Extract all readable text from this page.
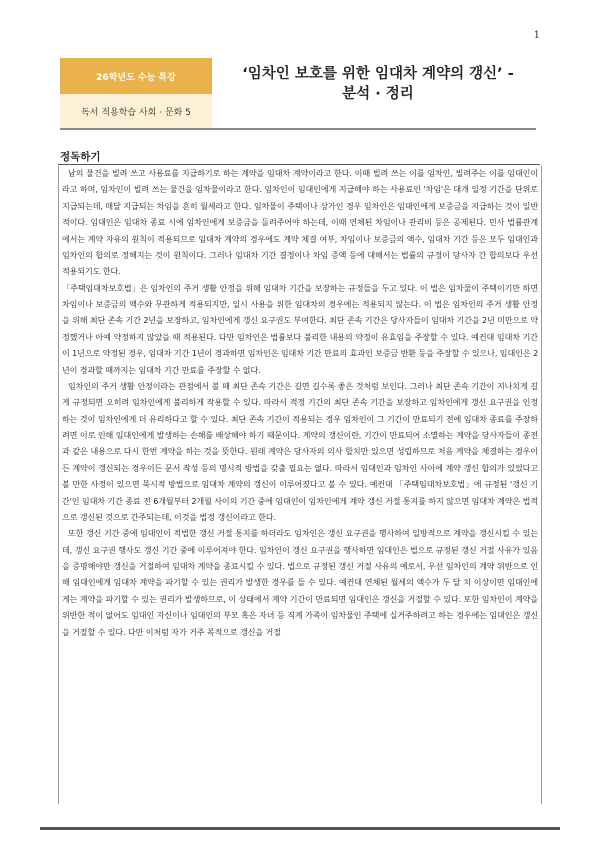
1
26학년도 수능 특강
독서 적용학습 사회 · 문화 5
‘임차인 보호를 위한 임대차 계약의 갱신’ -
분석 · 정리
정독하기

남의 물건을 빌려 쓰고 사용료를 지급하기로 하는 계약을 임대차 계약이라고 한다. 이때 빌려 쓰는 이를 임차인, 빌려주는 이를 임대인이라고 하며, 임차인이 빌려 쓰는 물건을 임차물이라고 한다. 임차인이 임대인에게 지급해야 하는 사용료인 '차임'은 대개 일정 기간을 단위로 지급되는데, 매달 지급되는 차임을 흔히 월세라고 한다. 임차물이 주택이나 상가인 경우 임차인은 임대인에게 보증금을 지급하는 것이 일반적이다. 임대인은 임대차 종료 시에 임차인에게 보증금을 돌려주어야 하는데, 이때 연체된 차임이나 관리비 등은 공제된다. 민사 법률관계에서는 계약 자유의 원칙이 적용되므로 임대차 계약의 경우에도 계약 체결 여부, 차임이나 보증금의 액수, 임대차 기간 등은 모두 임대인과 임차인의 합의로 정해지는 것이 원칙이다. 그러나 임대차 기간 결정이나 차임 증액 등에 대해서는 법률의 규정이 당사자 간 합의보다 우선 적용되기도 한다.

「주택임대차보호법」은 임차인의 주거 생활 안정을 위해 임대차 기간을 보장하는 규정들을 두고 있다. 이 법은 임차물이 주택이기만 하면 차임이나 보증금의 액수와 무관하게 적용되지만, 일시 사용을 위한 임대차의 경우에는 적용되지 않는다. 이 법은 임차인의 주거 생활 안정을 위해 최단 존속 기간 2년을 보장하고, 임차인에게 갱신 요구권도 부여한다. 최단 존속 기간은 당사자들이 임대차 기간을 2년 미만으로 약정했거나 아예 약정하지 않았을 때 적용된다. 다만 임차인은 법률보다 불리한 내용의 약정이 유효임을 주장할 수 있다. 예컨대 임대차 기간이 1년으로 약정된 경우, 임대차 기간 1년이 경과하면 임차인은 임대차 기간 만료의 효과인 보증금 반환 등을 주장할 수 있으나, 임대인은 2년이 경과할 때까지는 임대차 기간 만료를 주장할 수 없다.

임차인의 주거 생활 안정이라는 관점에서 볼 때 최단 존속 기간은 길면 길수록 좋은 것처럼 보인다. 그러나 최단 존속 기간이 지나치게 길게 규정되면 오히려 임차인에게 불리하게 작용할 수 있다. 따라서 적정 기간의 최단 존속 기간을 보장하고 임차인에게 갱신 요구권을 인정하는 것이 임차인에게 더 유리하다고 할 수 있다. 최단 존속 기간이 적용되는 경우 임차인이 그 기간이 만료되기 전에 임대차 종료를 주장하려면 이로 인해 임대인에게 발생하는 손해를 배상해야 하기 때문이다. 계약의 갱신이란, 기간이 만료되어 소멸하는 계약을 당사자들이 종전과 같은 내용으로 다시 한번 계약을 하는 것을 뜻한다. 원래 계약은 당사자의 의사 합치만 있으면 성립하므로 처음 계약을 체결하는 경우이든 계약이 갱신되는 경우이든 문서 작성 등의 명시적 방법을 갖출 필요는 없다. 따라서 임대인과 임차인 사이에 계약 갱신 합의가 있었다고 볼 만한 사정이 있으면 묵시적 방법으로 임대차 계약의 갱신이 이루어졌다고 볼 수 있다. 예컨대 「주택임대차보호법」에 규정된 '갱신 기간'인 임대차 기간 종료 전 6개월부터 2개월 사이의 기간 중에 임대인이 임차인에게 계약 갱신 거절 통지를 하지 않으면 임대차 계약은 법적으로 갱신된 것으로 간주되는데, 이것을 법정 갱신이라고 한다.

또한 갱신 기간 중에 임대인이 적법한 갱신 거절 통지를 하더라도 임차인은 갱신 요구권을 행사하여 일방적으로 계약을 갱신시킬 수 있는데, 갱신 요구권 행사도 갱신 기간 중에 이루어져야 한다. 임차인이 갱신 요구권을 행사하면 임대인은 법으로 규정된 갱신 거절 사유가 있음을 증명해야만 갱신을 거절하여 임대차 계약을 종료시킬 수 있다. 법으로 규정된 갱신 거절 사유의 예로서, 우선 임차인의 계약 위반으로 인해 임대인에게 임대차 계약을 파기할 수 있는 권리가 발생한 경우를 들 수 있다. 예컨대 연체된 월세의 액수가 두 달 치 이상이면 임대인에게는 계약을 파기할 수 있는 권리가 발생하므로, 이 상태에서 계약 기간이 만료되면 임대인은 갱신을 거절할 수 있다. 또한 임차인이 계약을 위반한 적이 없어도 임대인 자신이나 임대인의 부모 혹은 자녀 등 직계 가족이 임차물인 주택에 실거주하려고 하는 경우에는 임대인은 갱신을 거절할 수 있다. 다만 이처럼 자가 거주 목적으로 갱신을 거절
